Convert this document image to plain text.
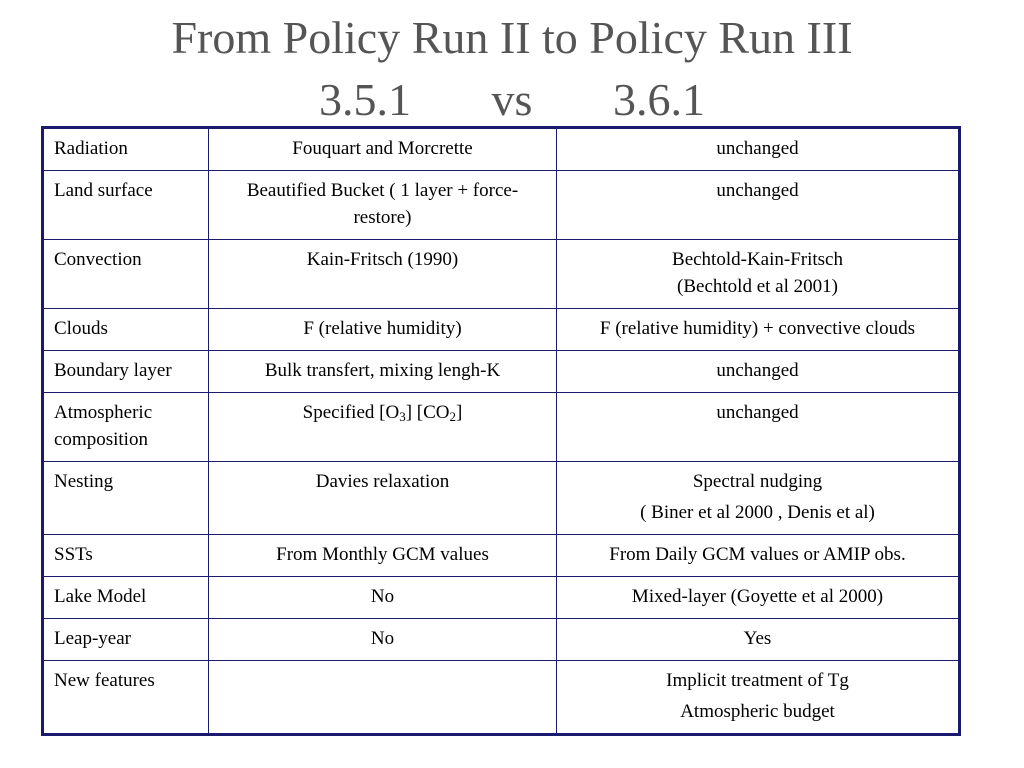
From Policy Run II to Policy Run III
3.5.1       vs       3.6.1
Radiation	Fouquart and Morcrette	unchanged
Land surface	Beautified Bucket ( 1 layer + force-restore)	unchanged
Convection	Kain-Fritsch (1990)	Bechtold-Kain-Fritsch
(Bechtold et al 2001)
Clouds	F (relative humidity)	F (relative humidity) + convective clouds
Boundary layer	Bulk transfert, mixing lengh-K	unchanged
Atmospheric composition	Specified $[O_3]$ $[CO_2]$	unchanged
Nesting	Davies relaxation	Spectral nudging
( Biner et al 2000 , Denis et al)
SSTs	From Monthly GCM values	From Daily GCM values or AMIP obs.
Lake Model	No	Mixed-layer (Goyette et al 2000)
Leap-year	No	Yes
New features		Implicit treatment of Tg
Atmospheric budget
